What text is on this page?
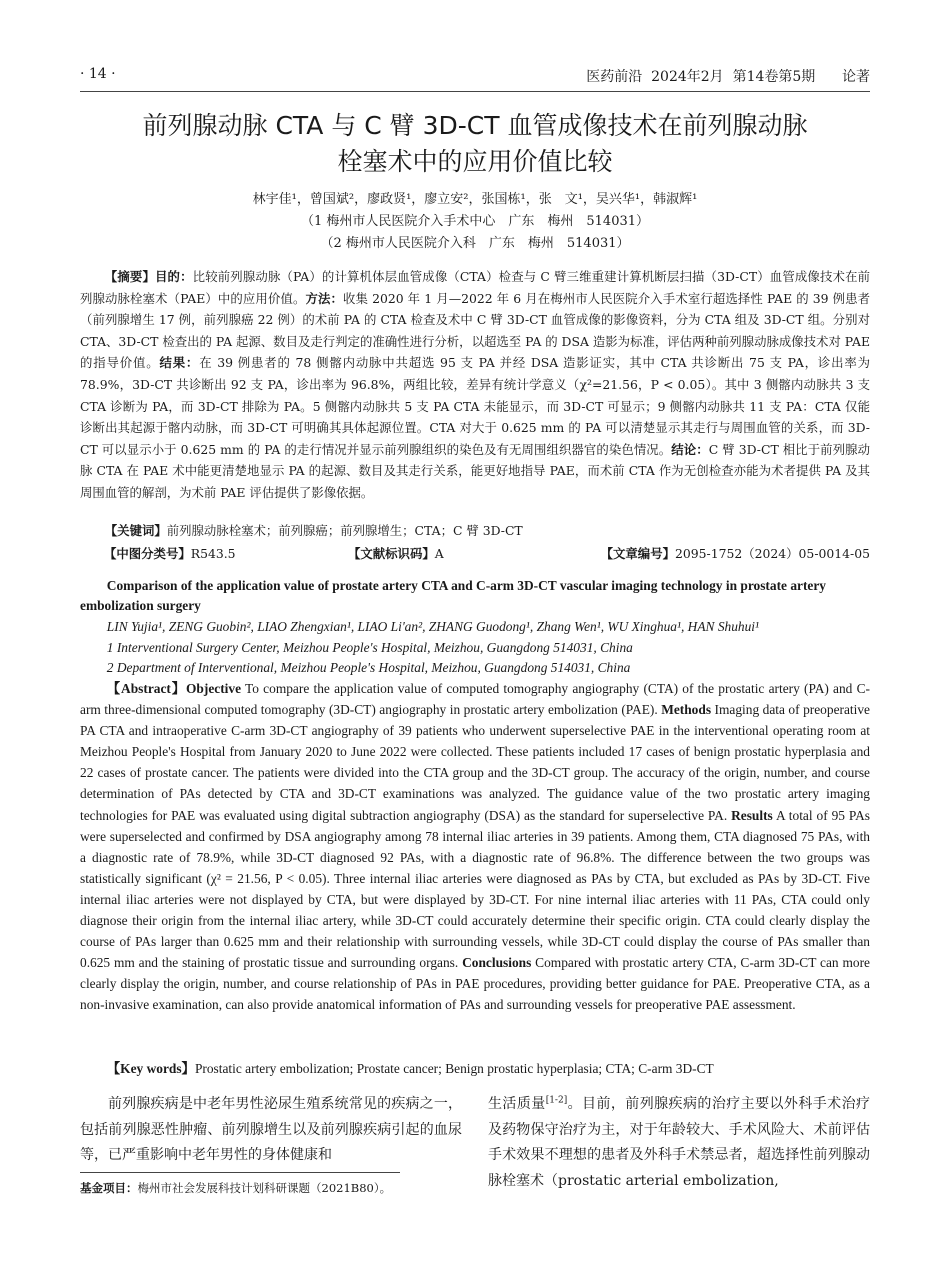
· 14 ·	医药前沿  2024年2月  第14卷第5期      论著
前列腺动脉 CTA 与 C 臂 3D-CT 血管成像技术在前列腺动脉
栓塞术中的应用价值比较
林宇佳¹，曾国斌²，廖政贤¹，廖立安²，张国栋¹，张　文¹，吴兴华¹，韩淑辉¹
（1 梅州市人民医院介入手术中心　广东　梅州　514031）
（2 梅州市人民医院介入科　广东　梅州　514031）
【摘要】目的：比较前列腺动脉（PA）的计算机体层血管成像（CTA）检查与 C 臂三维重建计算机断层扫描（3D-CT）血管成像技术在前列腺动脉栓塞术（PAE）中的应用价值。方法：收集 2020 年 1 月—2022 年 6 月在梅州市人民医院介入手术室行超选择性 PAE 的 39 例患者（前列腺增生 17 例，前列腺癌 22 例）的术前 PA 的 CTA 检查及术中 C 臂 3D-CT 血管成像的影像资料，分为 CTA 组及 3D-CT 组。分别对 CTA、3D-CT 检查出的 PA 起源、数目及走行判定的准确性进行分析，以超选至 PA 的 DSA 造影为标准，评估两种前列腺动脉成像技术对 PAE 的指导价值。结果：在 39 例患者的 78 侧髂内动脉中共超选 95 支 PA 并经 DSA 造影证实，其中 CTA 共诊断出 75 支 PA，诊出率为 78.9%，3D-CT 共诊断出 92 支 PA，诊出率为 96.8%，两组比较，差异有统计学意义（χ²=21.56，P < 0.05）。其中 3 侧髂内动脉共 3 支 CTA 诊断为 PA，而 3D-CT 排除为 PA。5 侧髂内动脉共 5 支 PA CTA 未能显示，而 3D-CT 可显示；9 侧髂内动脉共 11 支 PA：CTA 仅能诊断出其起源于髂内动脉，而 3D-CT 可明确其具体起源位置。CTA 对大于 0.625 mm 的 PA 可以清楚显示其走行与周围血管的关系，而 3D-CT 可以显示小于 0.625 mm 的 PA 的走行情况并显示前列腺组织的染色及有无周围组织器官的染色情况。结论：C 臂 3D-CT 相比于前列腺动脉 CTA 在 PAE 术中能更清楚地显示 PA 的起源、数目及其走行关系，能更好地指导 PAE，而术前 CTA 作为无创检查亦能为术者提供 PA 及其周围血管的解剖，为术前 PAE 评估提供了影像依据。
【关键词】前列腺动脉栓塞术；前列腺癌；前列腺增生；CTA；C 臂 3D-CT
【中图分类号】R543.5	【文献标识码】A	【文章编号】2095-1752（2024）05-0014-05
Comparison of the application value of prostate artery CTA and C-arm 3D-CT vascular imaging technology in prostate artery embolization surgery
LIN Yujia¹, ZENG Guobin², LIAO Zhengxian¹, LIAO Li'an², ZHANG Guodong¹, Zhang Wen¹, WU Xinghua¹, HAN Shuhui¹
1 Interventional Surgery Center, Meizhou People's Hospital, Meizhou, Guangdong 514031, China
2 Department of Interventional, Meizhou People's Hospital, Meizhou, Guangdong 514031, China
【Abstract】Objective To compare the application value of computed tomography angiography (CTA) of the prostatic artery (PA) and C-arm three-dimensional computed tomography (3D-CT) angiography in prostatic artery embolization (PAE). Methods Imaging data of preoperative PA CTA and intraoperative C-arm 3D-CT angiography of 39 patients who underwent superselective PAE in the interventional operating room at Meizhou People's Hospital from January 2020 to June 2022 were collected. These patients included 17 cases of benign prostatic hyperplasia and 22 cases of prostate cancer. The patients were divided into the CTA group and the 3D-CT group. The accuracy of the origin, number, and course determination of PAs detected by CTA and 3D-CT examinations was analyzed. The guidance value of the two prostatic artery imaging technologies for PAE was evaluated using digital subtraction angiography (DSA) as the standard for superselective PA. Results A total of 95 PAs were superselected and confirmed by DSA angiography among 78 internal iliac arteries in 39 patients. Among them, CTA diagnosed 75 PAs, with a diagnostic rate of 78.9%, while 3D-CT diagnosed 92 PAs, with a diagnostic rate of 96.8%. The difference between the two groups was statistically significant (χ² = 21.56, P < 0.05). Three internal iliac arteries were diagnosed as PAs by CTA, but excluded as PAs by 3D-CT. Five internal iliac arteries were not displayed by CTA, but were displayed by 3D-CT. For nine internal iliac arteries with 11 PAs, CTA could only diagnose their origin from the internal iliac artery, while 3D-CT could accurately determine their specific origin. CTA could clearly display the course of PAs larger than 0.625 mm and their relationship with surrounding vessels, while 3D-CT could display the course of PAs smaller than 0.625 mm and the staining of prostatic tissue and surrounding organs. Conclusions Compared with prostatic artery CTA, C-arm 3D-CT can more clearly display the origin, number, and course relationship of PAs in PAE procedures, providing better guidance for PAE. Preoperative CTA, as a non-invasive examination, can also provide anatomical information of PAs and surrounding vessels for preoperative PAE assessment.
【Key words】Prostatic artery embolization; Prostate cancer; Benign prostatic hyperplasia; CTA; C-arm 3D-CT
前列腺疾病是中老年男性泌尿生殖系统常见的疾病之一，包括前列腺恶性肿瘤、前列腺增生以及前列腺疾病引起的血尿等，已严重影响中老年男性的身体健康和
生活质量[1-2]。目前，前列腺疾病的治疗主要以外科手术治疗及药物保守治疗为主，对于年龄较大、手术风险大、术前评估手术效果不理想的患者及外科手术禁忌者，超选择性前列腺动脉栓塞术（prostatic arterial embolization,
基金项目：梅州市社会发展科技计划科研课题（2021B80）。
